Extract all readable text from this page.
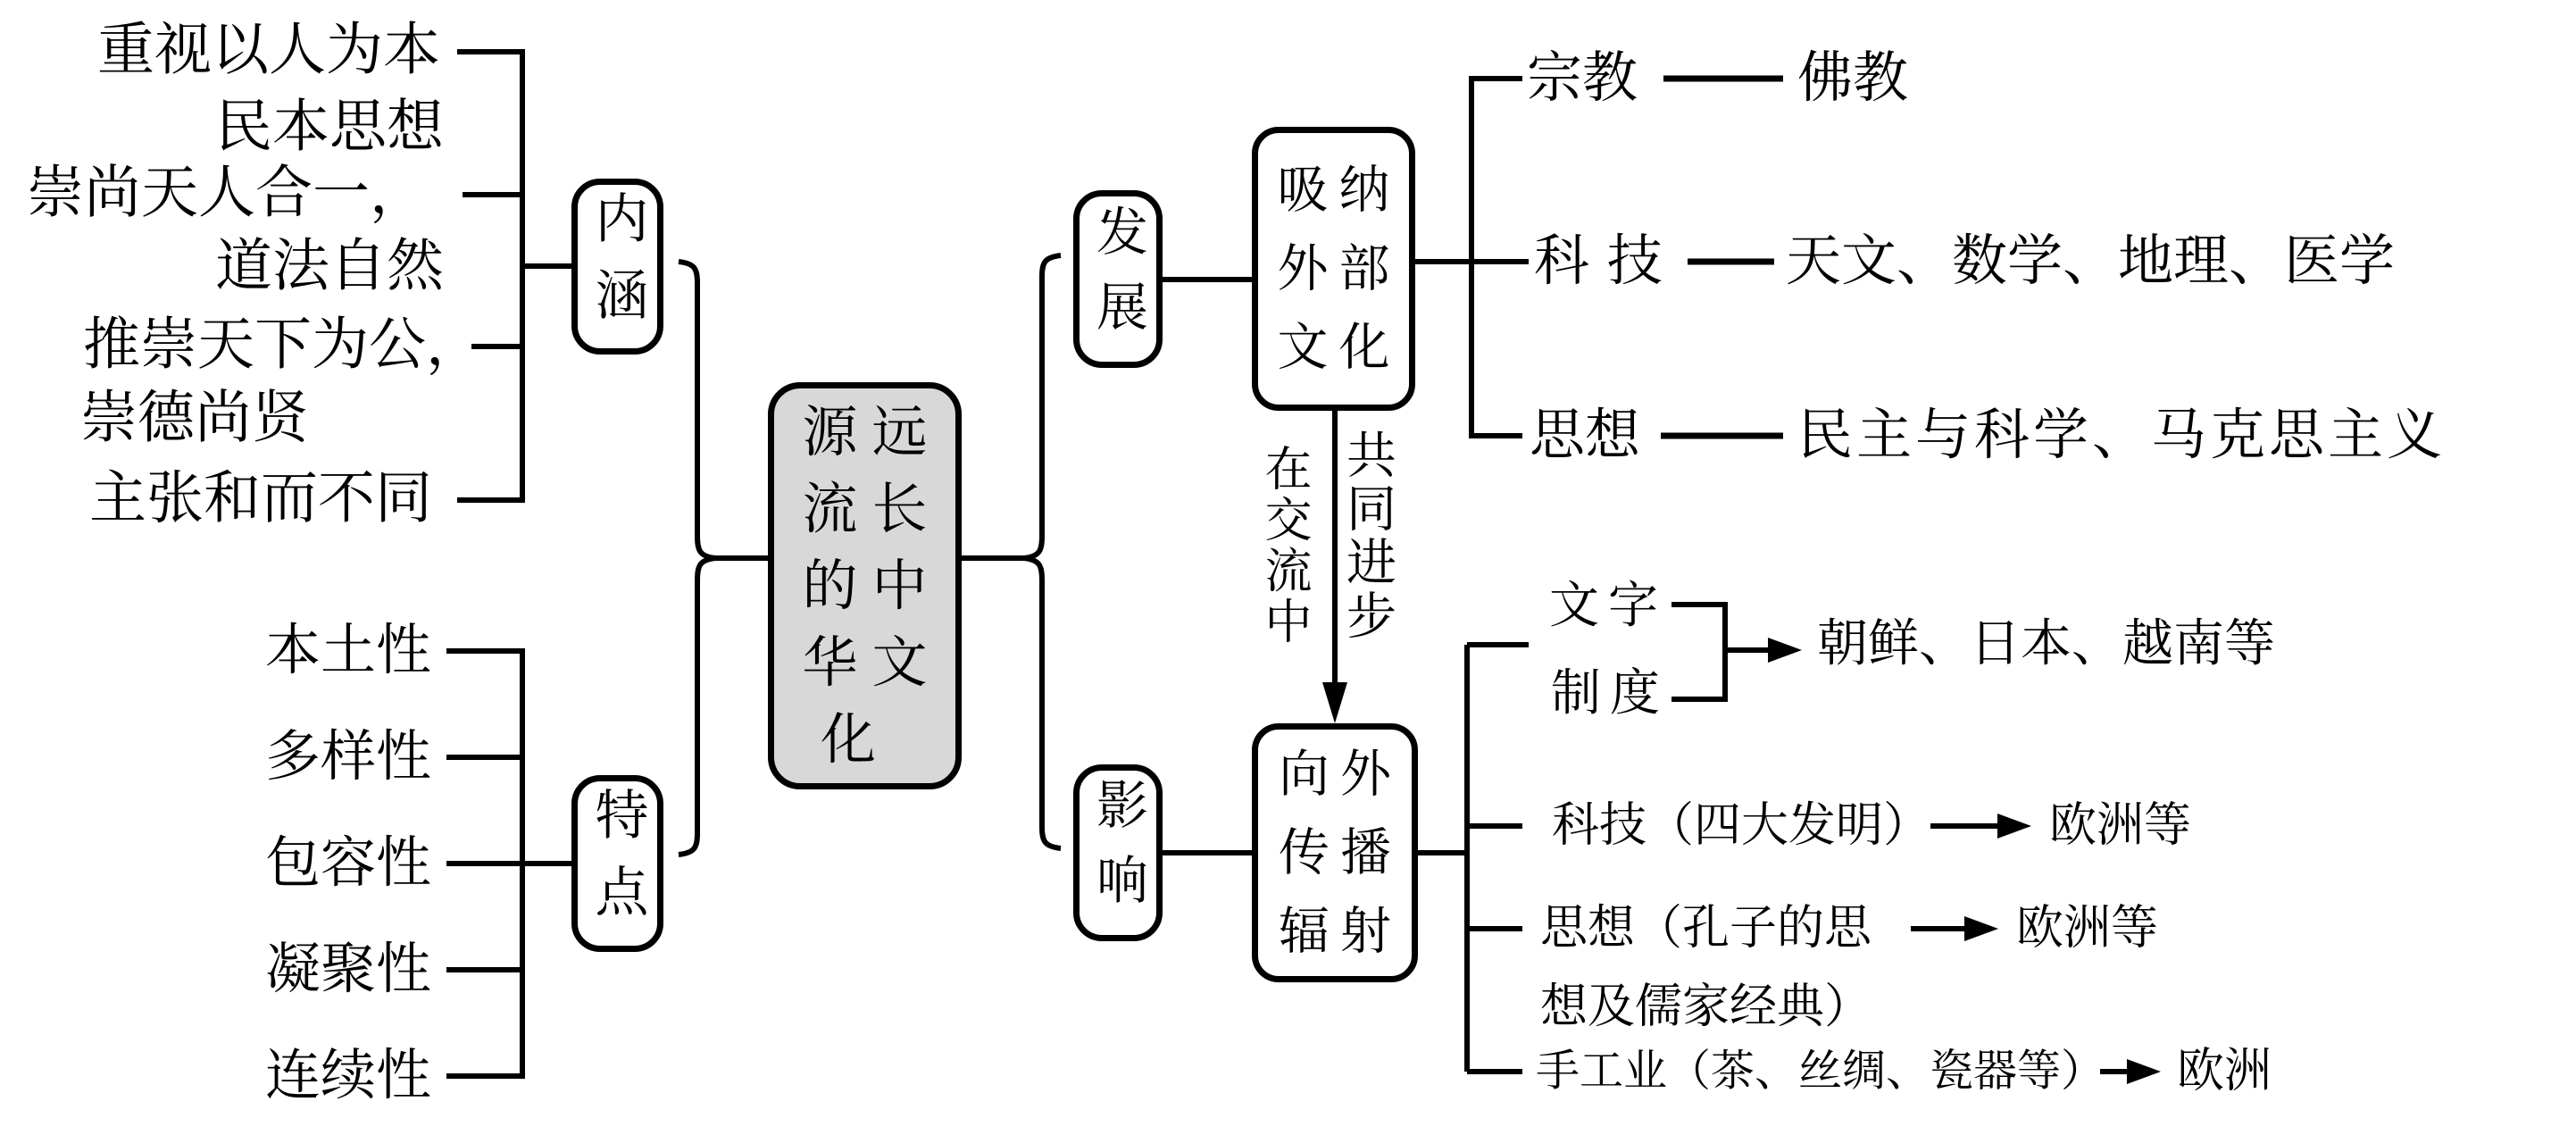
重视以人为本
民本思想
崇尚天人合一，
道法自然
推崇天下为公，
崇德尚贤
主张和而不同
本土性
多样性
包容性
凝聚性
连续性
内涵
特点
源远
流长
的中
华文
化
发展
影响
吸纳
外部
文化
向外
传播
辐射
在交流中 共同进步
宗教	佛教
科 技 天文、数学、地理、医学
思想	民主与科学、马克思主义
文字
制度
朝鲜、日本、越南等
科技（四大发明）	欧洲等
思想（孔子的思	欧洲等
想及儒家经典）
手工业（茶、丝绸、瓷器等） 欧洲
